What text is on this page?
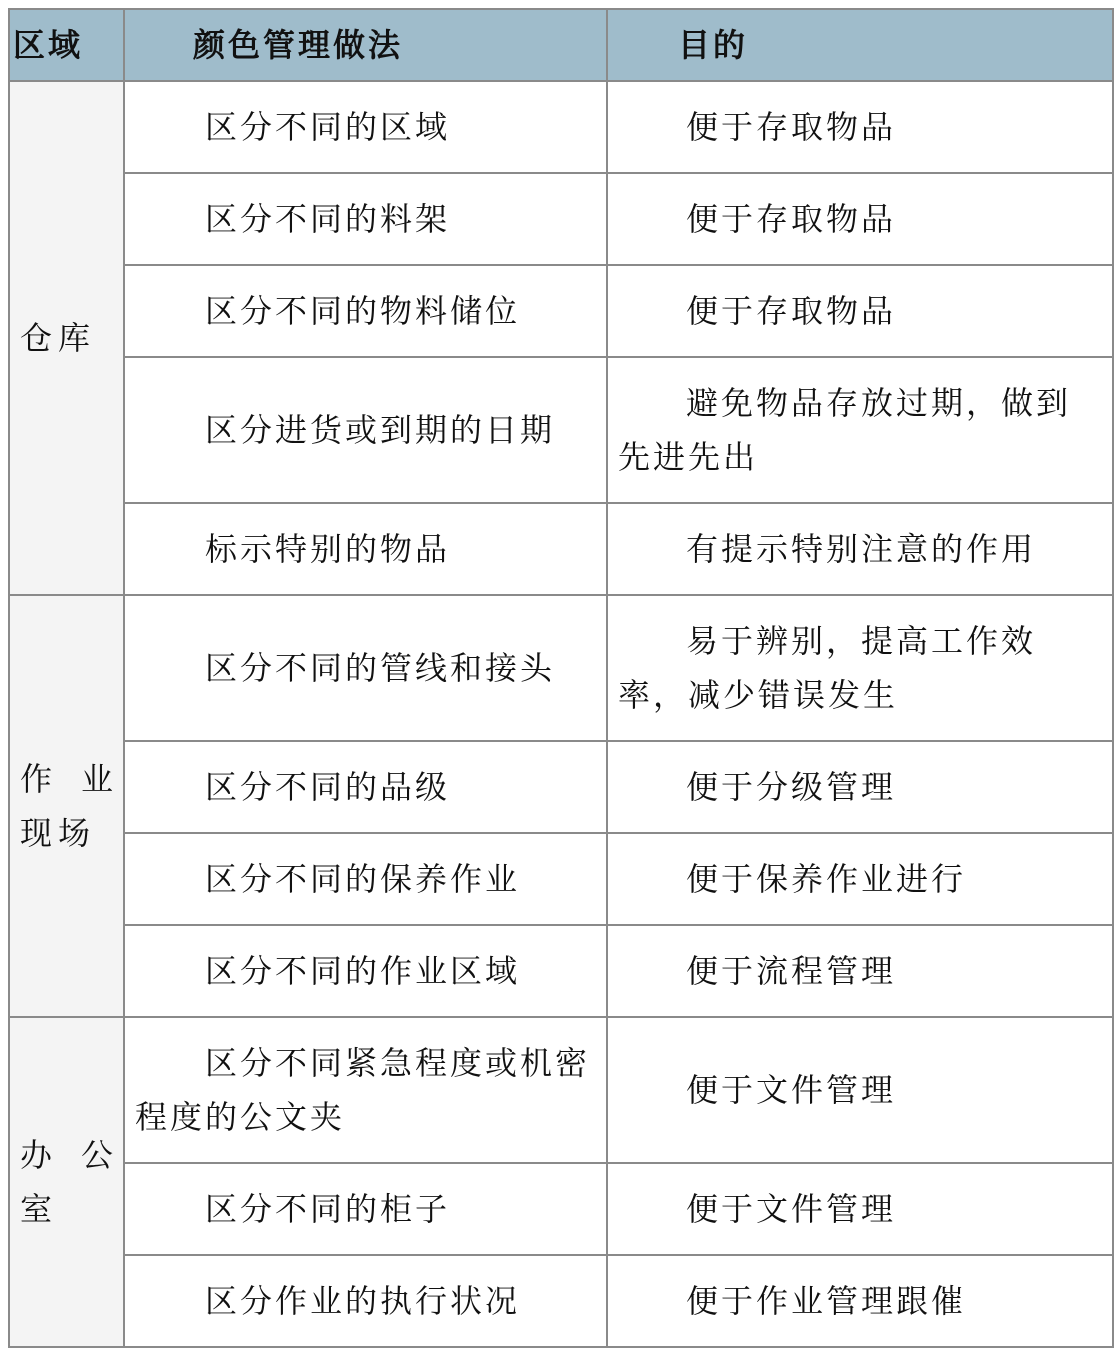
区域	颜色管理做法	目的
仓库	区分不同的区域	便于存取物品
	区分不同的料架	便于存取物品
	区分不同的物料储位	便于存取物品
	区分进货或到期的日期	避免物品存放过期，做到先进先出
	标示特别的物品	有提示特别注意的作用
作 业 现场	区分不同的管线和接头	易于辨别，提高工作效率，减少错误发生
	区分不同的品级	便于分级管理
	区分不同的保养作业	便于保养作业进行
	区分不同的作业区域	便于流程管理
办 公 室	区分不同紧急程度或机密程度的公文夹	便于文件管理
	区分不同的柜子	便于文件管理
	区分作业的执行状况	便于作业管理跟催
